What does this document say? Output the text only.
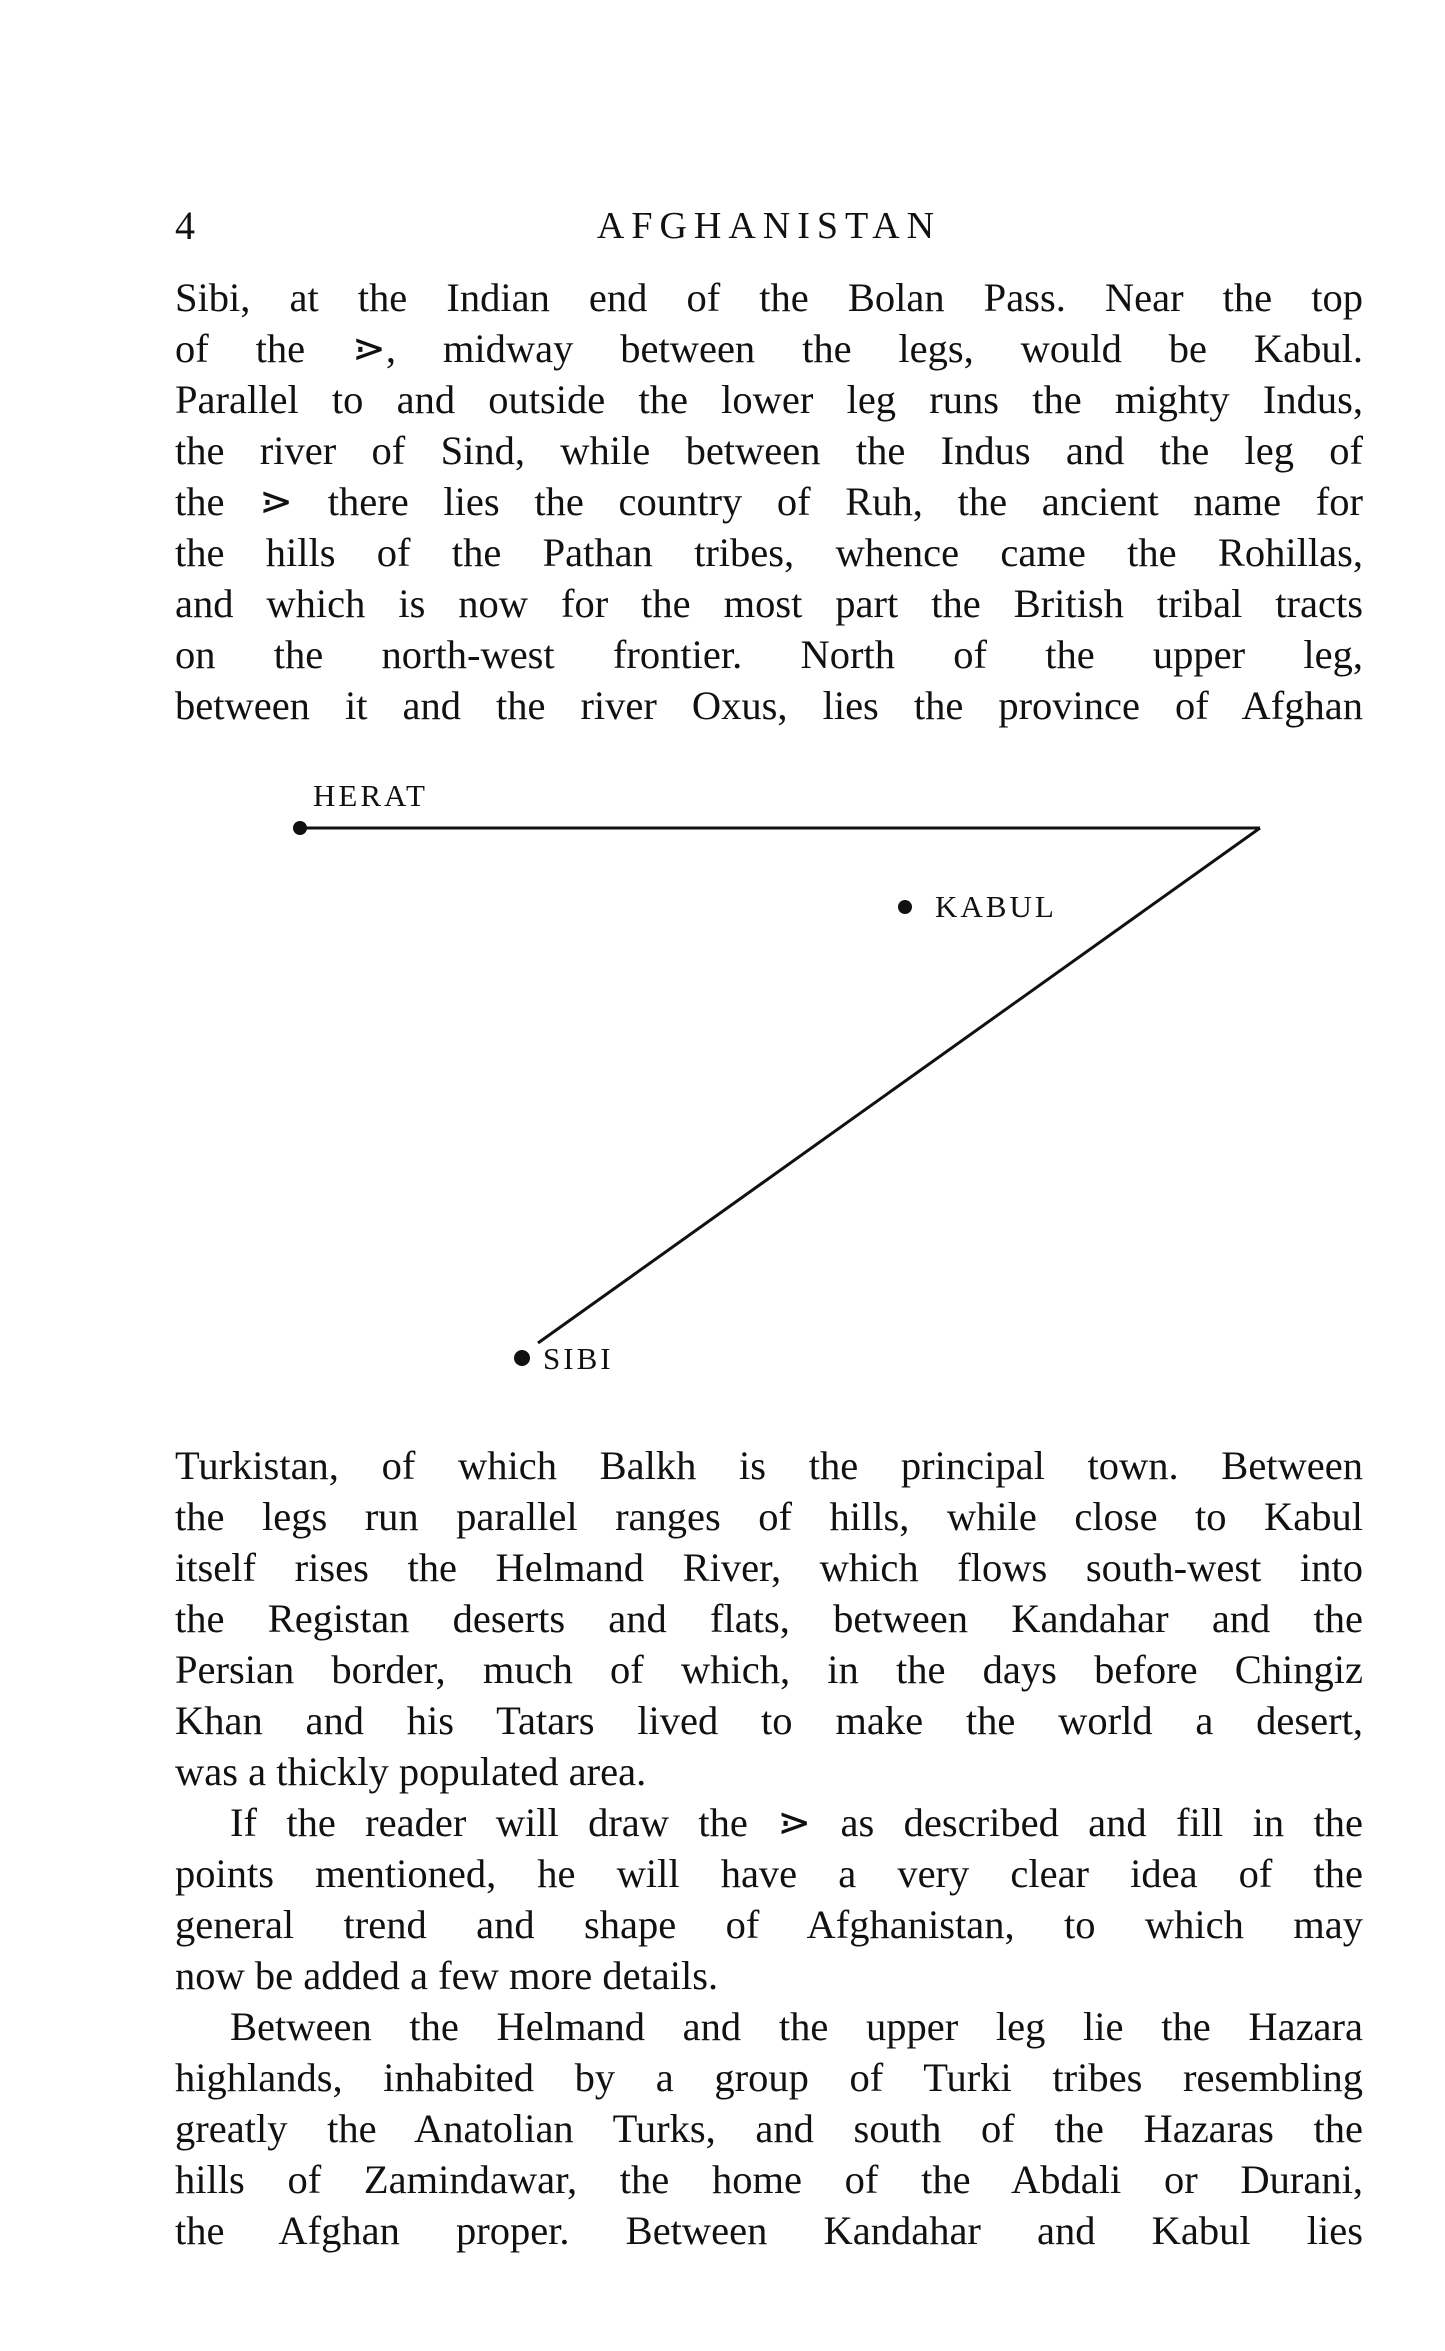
4	AFGHANISTAN
Sibi, at the Indian end of the Bolan Pass. Near the top
of the ⋗, midway between the legs, would be Kabul.
Parallel to and outside the lower leg runs the mighty Indus,
the river of Sind, while between the Indus and the leg of
the ⋗ there lies the country of Ruh, the ancient name for
the hills of the Pathan tribes, whence came the Rohillas,
and which is now for the most part the British tribal tracts
on the north-west frontier. North of the upper leg,
between it and the river Oxus, lies the province of Afghan
HERAT
KABUL
SIBI
Turkistan, of which Balkh is the principal town. Between
the legs run parallel ranges of hills, while close to Kabul
itself rises the Helmand River, which flows south-west into
the Registan deserts and flats, between Kandahar and the
Persian border, much of which, in the days before Chingiz
Khan and his Tatars lived to make the world a desert,
was a thickly populated area.
If the reader will draw the ⋗ as described and fill in the
points mentioned, he will have a very clear idea of the
general trend and shape of Afghanistan, to which may
now be added a few more details.
Between the Helmand and the upper leg lie the Hazara
highlands, inhabited by a group of Turki tribes resembling
greatly the Anatolian Turks, and south of the Hazaras the
hills of Zamindawar, the home of the Abdali or Durani,
the Afghan proper. Between Kandahar and Kabul lies
